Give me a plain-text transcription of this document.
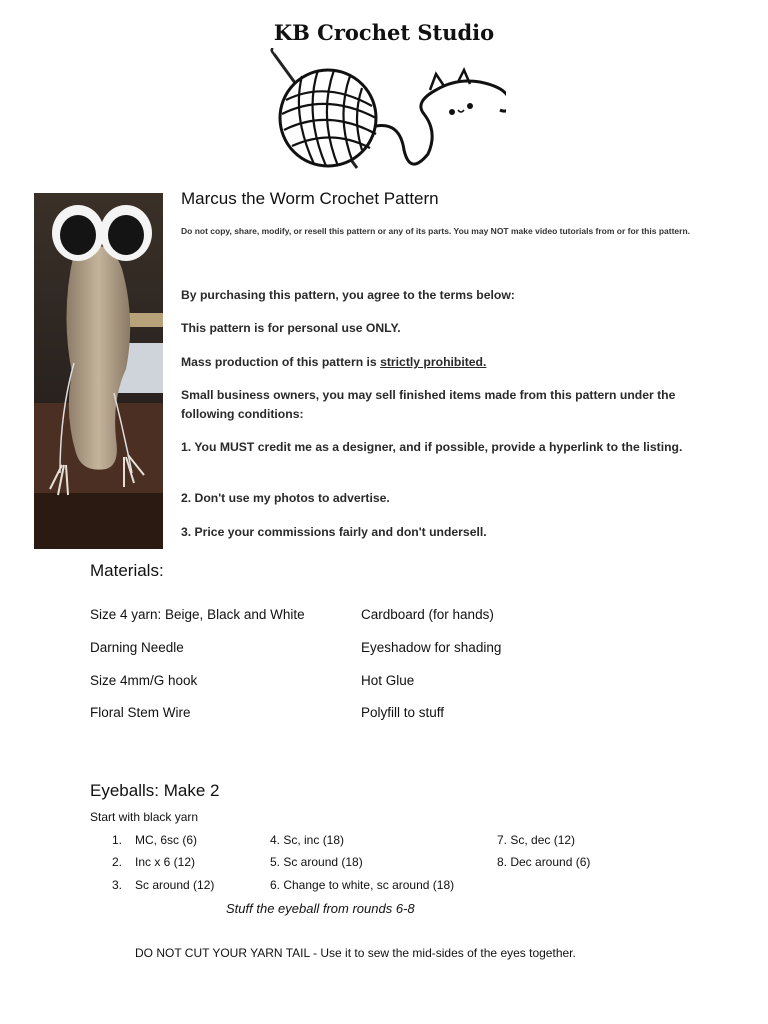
KB Crochet Studio
Marcus the Worm Crochet Pattern
Do not copy, share, modify, or resell this pattern or any of its parts. You may NOT make video tutorials from or for this pattern.
By purchasing this pattern, you agree to the terms below:
This pattern is for personal use ONLY.
Mass production of this pattern is strictly prohibited.
Small business owners, you may sell finished items made from this pattern under the following conditions:
1. You MUST credit me as a designer, and if possible, provide a hyperlink to the listing.
2. Don't use my photos to advertise.
3. Price your commissions fairly and don't undersell.
Materials:
Size 4 yarn: Beige, Black and White
Darning Needle
Size 4mm/G hook
Floral Stem Wire
Cardboard (for hands)
Eyeshadow for shading
Hot Glue
Polyfill to stuff
Eyeballs: Make 2
Start with black yarn
1. MC, 6sc (6)
2. Inc x 6 (12)
3. Sc around (12)
4. Sc, inc (18)
5. Sc around (18)
6. Change to white, sc around (18)
7. Sc, dec (12)
8. Dec around (6)
Stuff the eyeball from rounds 6-8
DO NOT CUT YOUR YARN TAIL - Use it to sew the mid-sides of the eyes together.
